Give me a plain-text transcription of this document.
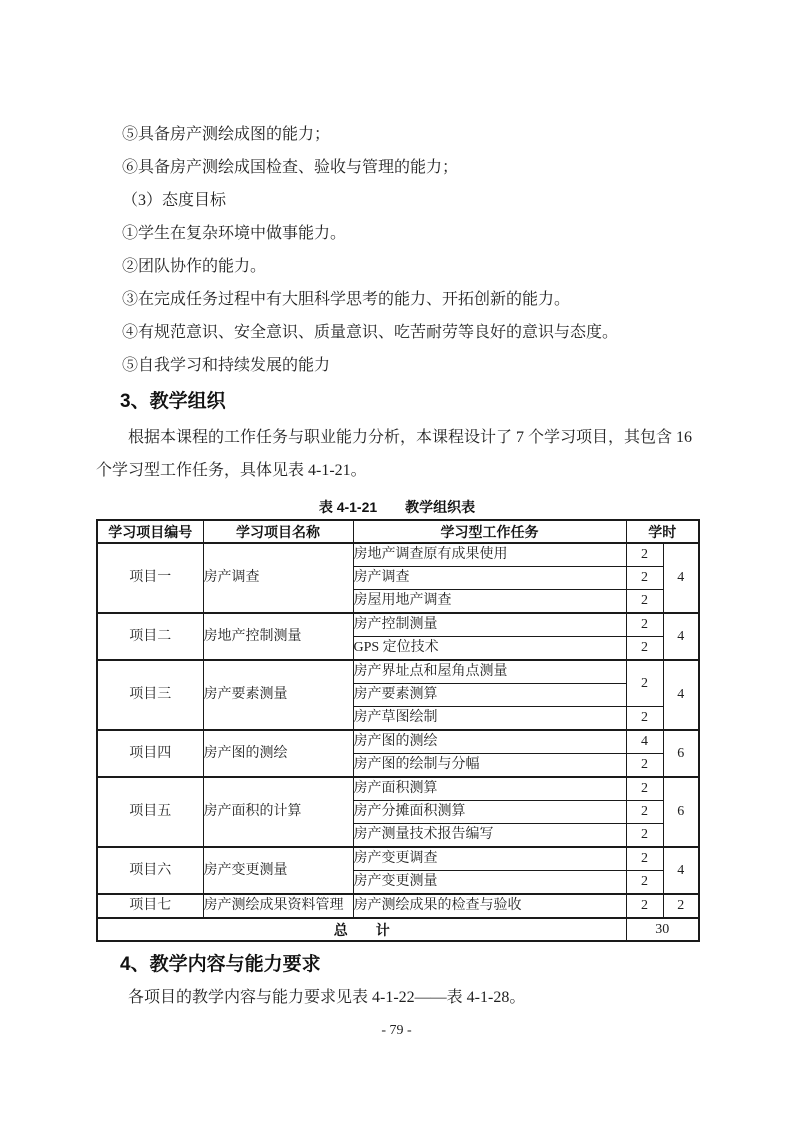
⑤具备房产测绘成图的能力；

⑥具备房产测绘成国检查、验收与管理的能力；

（3）态度目标

①学生在复杂环境中做事能力。

②团队协作的能力。

③在完成任务过程中有大胆科学思考的能力、开拓创新的能力。

④有规范意识、安全意识、质量意识、吃苦耐劳等良好的意识与态度。

⑤自我学习和持续发展的能力

3、教学组织

根据本课程的工作任务与职业能力分析，本课程设计了 7 个学习项目，其包含 16 个学习型工作任务，具体见表 4-1-21。

表 4-1-21　　教学组织表

学习项目编号	学习项目名称	学习型工作任务	学时	
项目一	房产调查	房地产调查原有成果使用	2	4
		房产调查	2	
		房屋用地产调查	2	
项目二	房地产控制测量	房产控制测量	2	4
		GPS 定位技术	2	
项目三	房产要素测量	房产界址点和屋角点测量	2	4
		房产要素测算		
		房产草图绘制	2	
项目四	房产图的测绘	房产图的测绘	4	6
		房产图的绘制与分幅	2	
项目五	房产面积的计算	房产面积测算	2	6
		房产分摊面积测算	2	
		房产测量技术报告编写	2	
项目六	房产变更测量	房产变更调查	2	4
		房产变更测量	2	
项目七	房产测绘成果资料管理	房产测绘成果的检查与验收	2	2
总　　计			30	
4、教学内容与能力要求

各项目的教学内容与能力要求见表 4-1-22——表 4-1-28。

- 79 -
